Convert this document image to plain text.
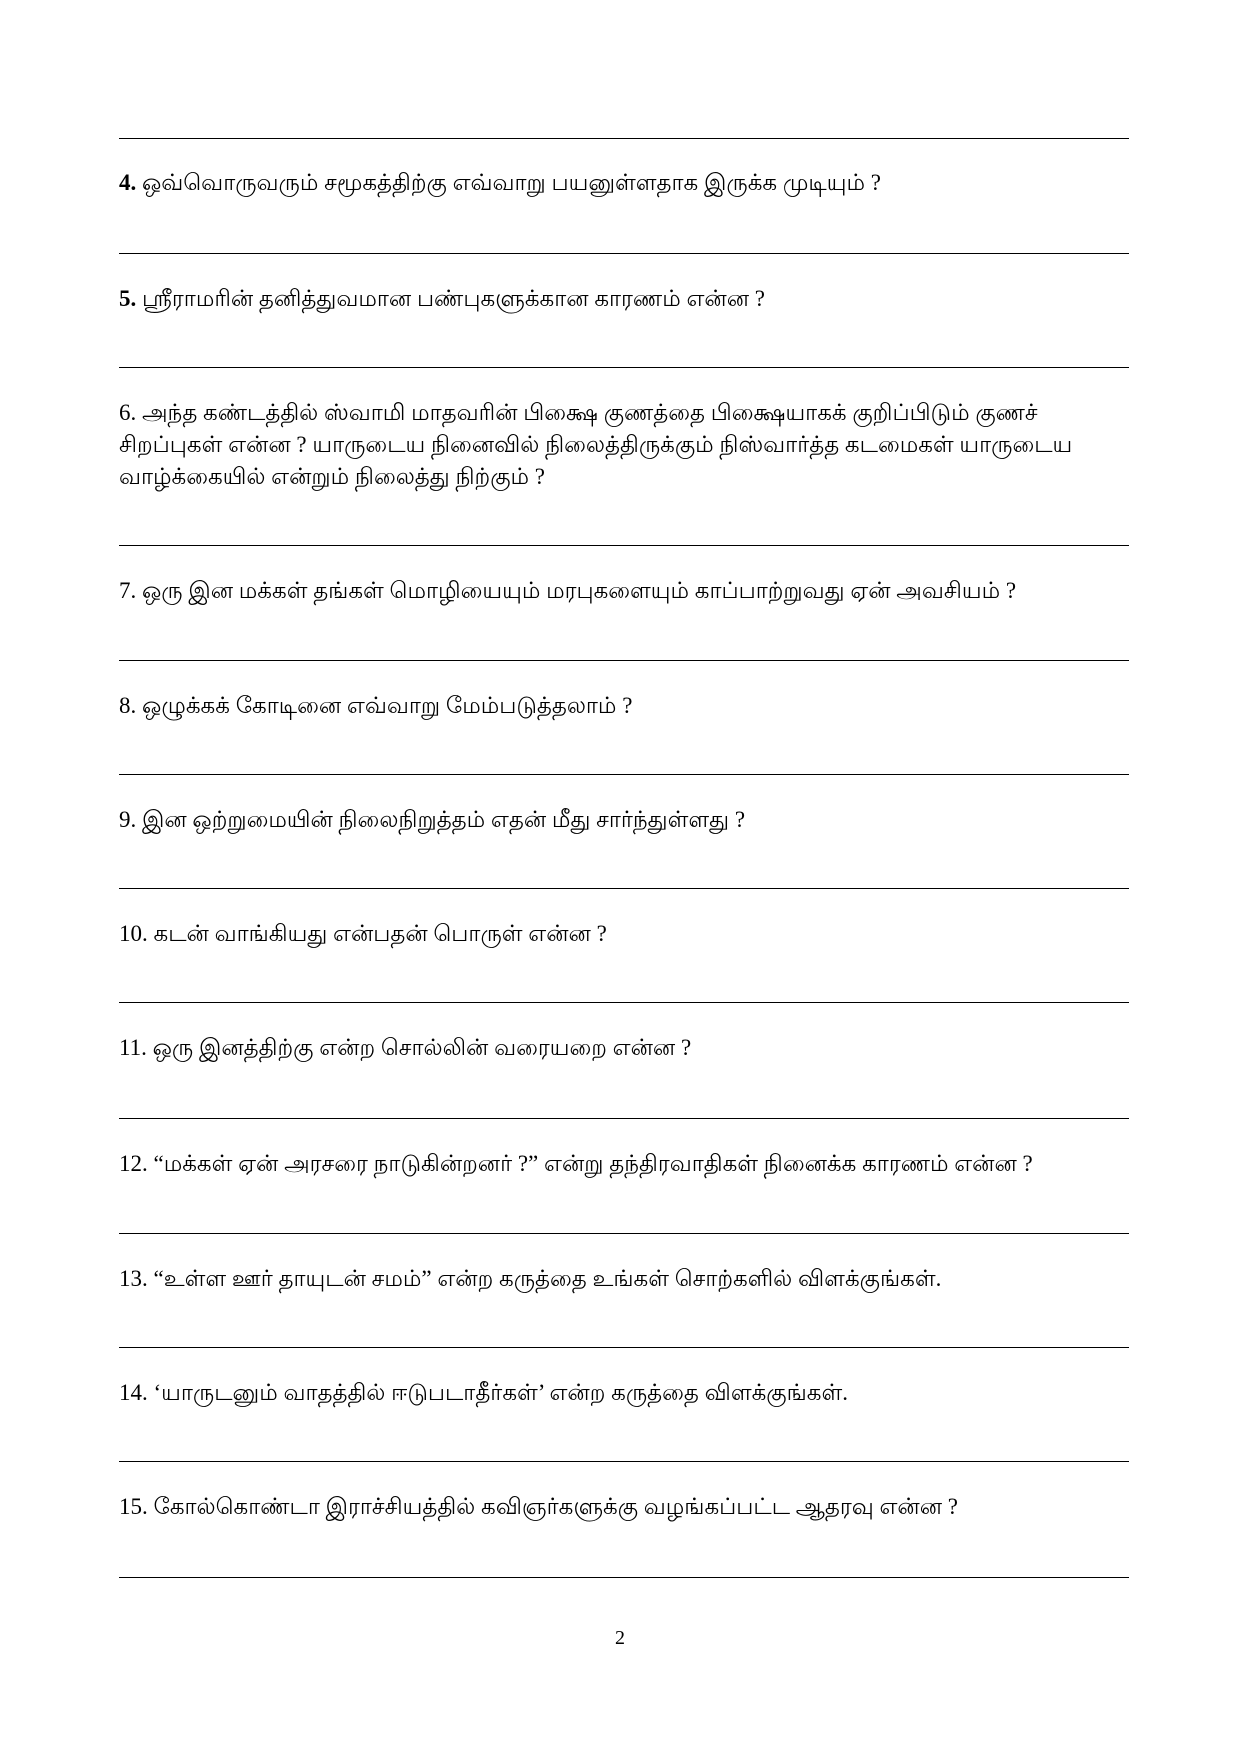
4. ஒவ்வொருவரும் சமூகத்திற்கு எவ்வாறு பயனுள்ளதாக இருக்க முடியும் ?

5. ஸ்ரீராமரின் தனித்துவமான பண்புகளுக்கான காரணம் என்ன ?

6. அந்த கண்டத்தில் ஸ்வாமி மாதவரின் பிக்ஷை குணத்தை பிக்ஷையாகக் குறிப்பிடும் குணச் சிறப்புகள் என்ன ? யாருடைய நினைவில் நிலைத்திருக்கும் நிஸ்வார்த்த கடமைகள் யாருடைய வாழ்க்கையில் என்றும் நிலைத்து நிற்கும் ?

7. ஒரு இன மக்கள் தங்கள் மொழியையும் மரபுகளையும் காப்பாற்றுவது ஏன் அவசியம் ?

8. ஒழுக்கக் கோடினை எவ்வாறு மேம்படுத்தலாம் ?

9. இன ஒற்றுமையின் நிலைநிறுத்தம் எதன் மீது சார்ந்துள்ளது ?

10. கடன் வாங்கியது என்பதன் பொருள் என்ன ?

11. ஒரு இனத்திற்கு என்ற சொல்லின் வரையறை என்ன ?

12. “மக்கள் ஏன் அரசரை நாடுகின்றனர் ?” என்று தந்திரவாதிகள் நினைக்க காரணம் என்ன ?

13. “உள்ள ஊர் தாயுடன் சமம்” என்ற கருத்தை உங்கள் சொற்களில் விளக்குங்கள்.

14. ‘யாருடனும் வாதத்தில் ஈடுபடாதீர்கள்’ என்ற கருத்தை விளக்குங்கள்.

15. கோல்கொண்டா இராச்சியத்தில் கவிஞர்களுக்கு வழங்கப்பட்ட ஆதரவு என்ன ?

2
